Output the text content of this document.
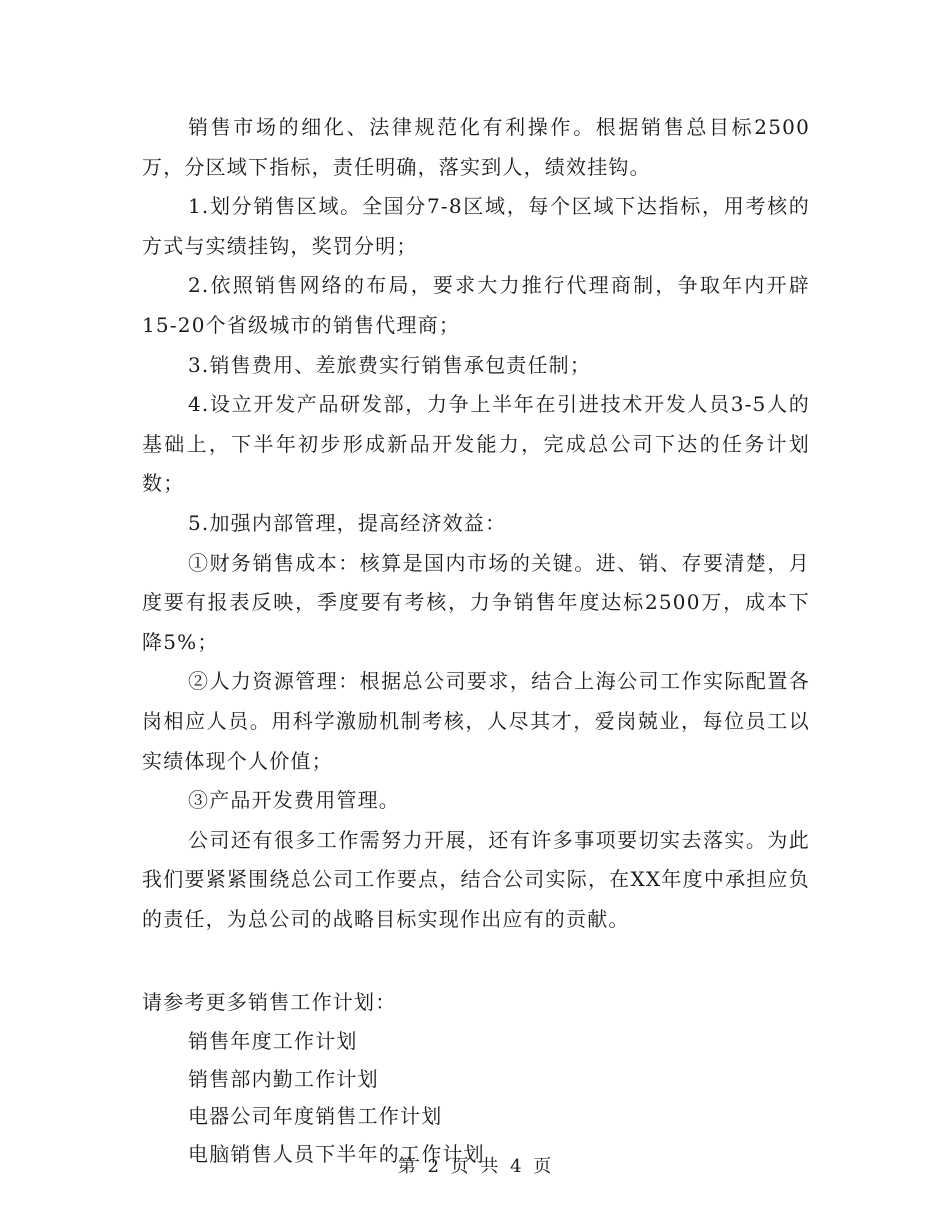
销售市场的细化、法律规范化有利操作。根据销售总目标2500万，分区域下指标，责任明确，落实到人，绩效挂钩。

1.划分销售区域。全国分7-8区域，每个区域下达指标，用考核的方式与实绩挂钩，奖罚分明；

2.依照销售网络的布局，要求大力推行代理商制，争取年内开辟15-20个省级城市的销售代理商；

3.销售费用、差旅费实行销售承包责任制；

4.设立开发产品研发部，力争上半年在引进技术开发人员3-5人的基础上，下半年初步形成新品开发能力，完成总公司下达的任务计划数；

5.加强内部管理，提高经济效益：

①财务销售成本：核算是国内市场的关键。进、销、存要清楚，月度要有报表反映，季度要有考核，力争销售年度达标2500万，成本下降5%；

②人力资源管理：根据总公司要求，结合上海公司工作实际配置各岗相应人员。用科学激励机制考核，人尽其才，爱岗兢业，每位员工以实绩体现个人价值；

③产品开发费用管理。

公司还有很多工作需努力开展，还有许多事项要切实去落实。为此我们要紧紧围绕总公司工作要点，结合公司实际，在XX年度中承担应负的责任，为总公司的战略目标实现作出应有的贡献。

请参考更多销售工作计划：

销售年度工作计划
销售部内勤工作计划
电器公司年度销售工作计划
电脑销售人员下半年的工作计划
第 2 页 共 4 页
